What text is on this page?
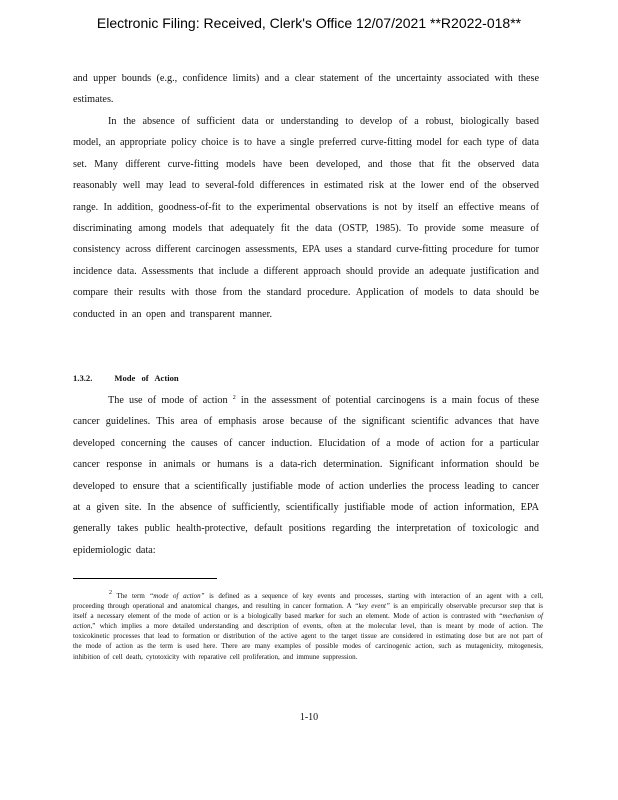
Electronic Filing: Received, Clerk's Office 12/07/2021 **R2022-018**

and upper bounds (e.g., confidence limits) and a clear statement of the uncertainty associated with these estimates.

In the absence of sufficient data or understanding to develop of a robust, biologically based model, an appropriate policy choice is to have a single preferred curve-fitting model for each type of data set. Many different curve-fitting models have been developed, and those that fit the observed data reasonably well may lead to several-fold differences in estimated risk at the lower end of the observed range. In addition, goodness-of-fit to the experimental observations is not by itself an effective means of discriminating among models that adequately fit the data (OSTP, 1985). To provide some measure of consistency across different carcinogen assessments, EPA uses a standard curve-fitting procedure for tumor incidence data. Assessments that include a different approach should provide an adequate justification and compare their results with those from the standard procedure. Application of models to data should be conducted in an open and transparent manner.

1.3.2.	Mode of Action

The use of mode of action $^2$ in the assessment of potential carcinogens is a main focus of these cancer guidelines. This area of emphasis arose because of the significant scientific advances that have developed concerning the causes of cancer induction. Elucidation of a mode of action for a particular cancer response in animals or humans is a data-rich determination. Significant information should be developed to ensure that a scientifically justifiable mode of action underlies the process leading to cancer at a given site. In the absence of sufficiently, scientifically justifiable mode of action information, EPA generally takes public health-protective, default positions regarding the interpretation of toxicologic and epidemiologic data:

$^2$ The term “mode of action” is defined as a sequence of key events and processes, starting with interaction of an agent with a cell, proceeding through operational and anatomical changes, and resulting in cancer formation. A “key event” is an empirically observable precursor step that is itself a necessary element of the mode of action or is a biologically based marker for such an element. Mode of action is contrasted with “mechanism of action,” which implies a more detailed understanding and description of events, often at the molecular level, than is meant by mode of action. The toxicokinetic processes that lead to formation or distribution of the active agent to the target tissue are considered in estimating dose but are not part of the mode of action as the term is used here. There are many examples of possible modes of carcinogenic action, such as mutagenicity, mitogenesis, inhibition of cell death, cytotoxicity with reparative cell proliferation, and immune suppression.

1-10
